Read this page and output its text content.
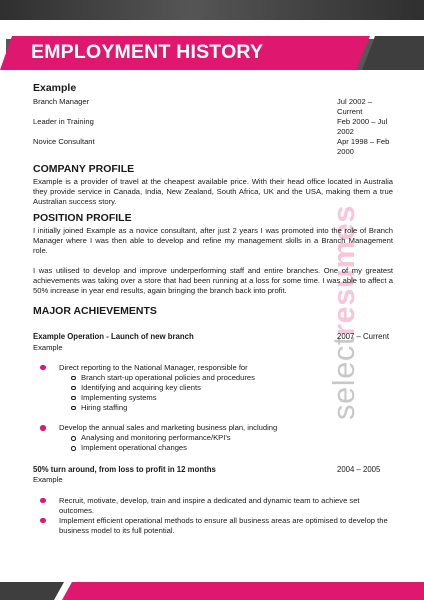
EMPLOYMENT HISTORY
selectresumes
Example
Branch Manager	Jul 2002 – Current
Leader in Training	Feb 2000 – Jul 2002
Novice Consultant	Apr 1998 – Feb 2000
COMPANY PROFILE
Example is a provider of travel at the cheapest available price. With their head office located in Australia they provide service in Canada, India, New Zealand, South Africa, UK and the USA, making them a true Australian success story.
POSITION PROFILE
I initially joined Example as a novice consultant, after just 2 years I was promoted into the role of Branch Manager where I was then able to develop and refine my management skills in a Branch Management role.
I was utilised to develop and improve underperforming staff and entire branches. One of my greatest achievements was taking over a store that had been running at a loss for some time. I was able to affect a 50% increase in year end results, again bringing the branch back into profit.
MAJOR ACHIEVEMENTS
Example Operation - Launch of new branch	2007 – Current
Example
Direct reporting to the National Manager, responsible for
Branch start-up operational policies and procedures
Identifying and acquiring key clients
Implementing systems
Hiring staffing
Develop the annual sales and marketing business plan, including
Analysing and monitoring performance/KPI's
Implement operational changes
50% turn around, from loss to profit in 12 months	2004 – 2005
Example
Recruit, motivate, develop, train and inspire a dedicated and dynamic team to achieve set outcomes.
Implement efficient operational methods to ensure all business areas are optimised to develop the business model to its full potential.
